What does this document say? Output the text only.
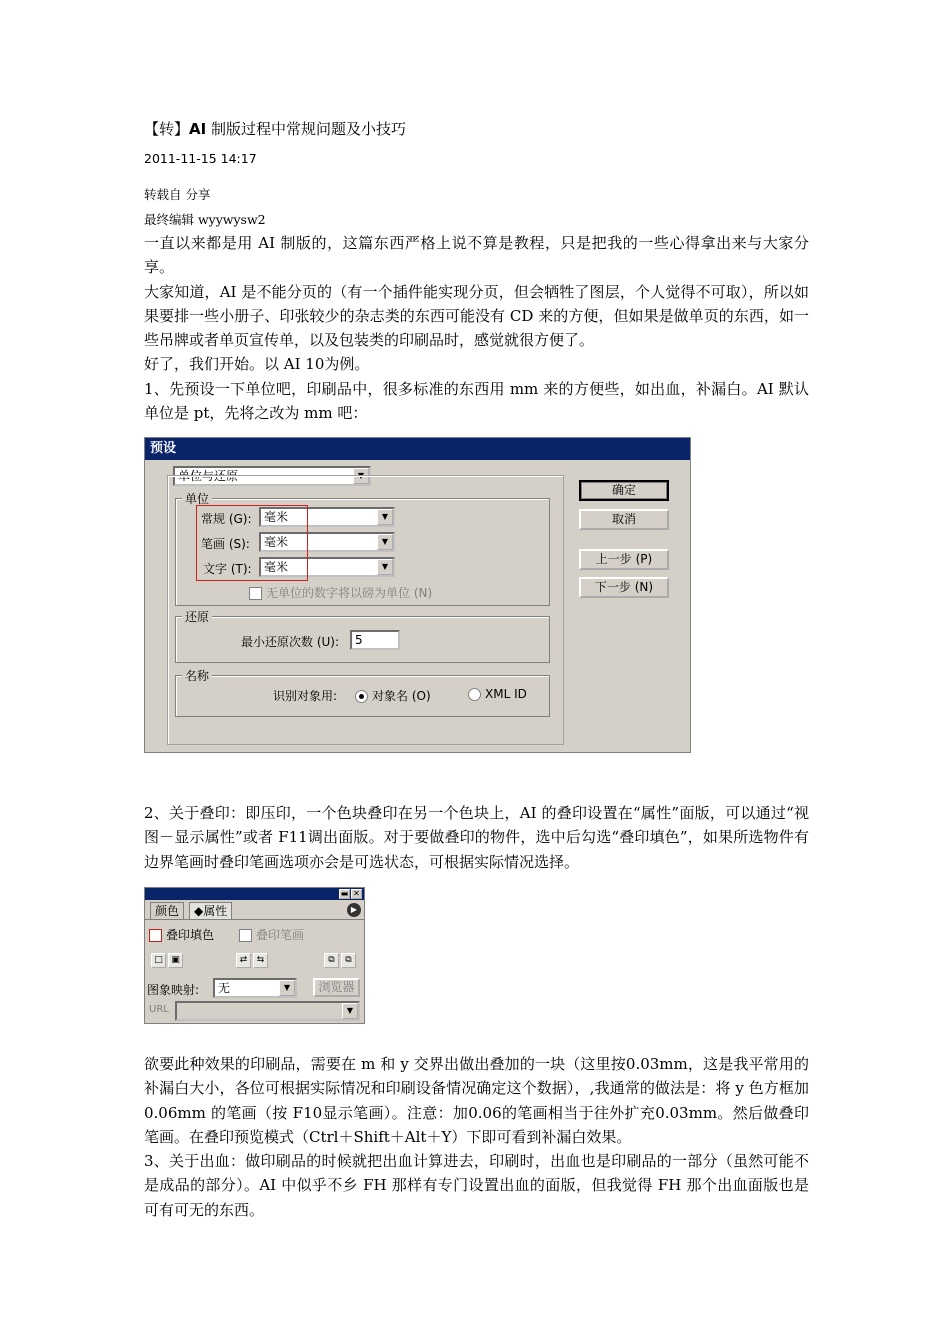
【转】AI 制版过程中常规问题及小技巧
2011-11-15 14:17
转载自 分享
最终编辑 wyywysw2

一直以来都是用 AI 制版的，这篇东西严格上说不算是教程，只是把我的一些心得拿出来与大家分享。

大家知道，AI 是不能分页的（有一个插件能实现分页，但会牺牲了图层，个人觉得不可取），所以如果要排一些小册子、印张较少的杂志类的东西可能没有 CD 来的方便，但如果是做单页的东西，如一些吊牌或者单页宣传单，以及包装类的印刷品时，感觉就很方便了。

好了，我们开始。以 AI 10为例。

1、先预设一下单位吧，印刷品中，很多标准的东西用 mm 来的方便些，如出血，补漏白。AI 默认单位是 pt，先将之改为 mm 吧：

2、关于叠印：即压印，一个色块叠印在另一个色块上，AI 的叠印设置在“属性”面版，可以通过“视图－显示属性”或者 F11调出面版。对于要做叠印的物件，选中后勾选“叠印填色”，如果所选物件有边界笔画时叠印笔画选项亦会是可选状态，可根据实际情况选择。

欲要此种效果的印刷品，需要在 m 和 y 交界出做出叠加的一块（这里按0.03mm，这是我平常用的补漏白大小，各位可根据实际情况和印刷设备情况确定这个数据），,我通常的做法是：将 y 色方框加0.06mm 的笔画（按 F10显示笔画）。注意：加0.06的笔画相当于往外扩充0.03mm。然后做叠印笔画。在叠印预览模式（Ctrl＋Shift＋Alt＋Y）下即可看到补漏白效果。

3、关于出血：做印刷品的时候就把出血计算进去，印刷时，出血也是印刷品的一部分（虽然可能不是成品的部分）。AI 中似乎不乡 FH 那样有专门设置出血的面版，但我觉得 FH 那个出血面版也是可有可无的东西。

预设
单位与还原	▼
单位
常规 (G):	毫米	▼
笔画 (S):	毫米	▼
文字 (T):	毫米	▼
无单位的数字将以磅为单位 (N)
还原
最小还原次数 (U):	5
名称
识别对象用:	对象名 (O)	XML ID
确定
取消
上一步 (P)
下一步 (N)
▬ ✕
颜色	◆属性	▶
叠印填色	叠印笔画
□ ▣	⇄	⇆	⧉	⧉
图象映射:	无	▼	浏览器
URL	▼
